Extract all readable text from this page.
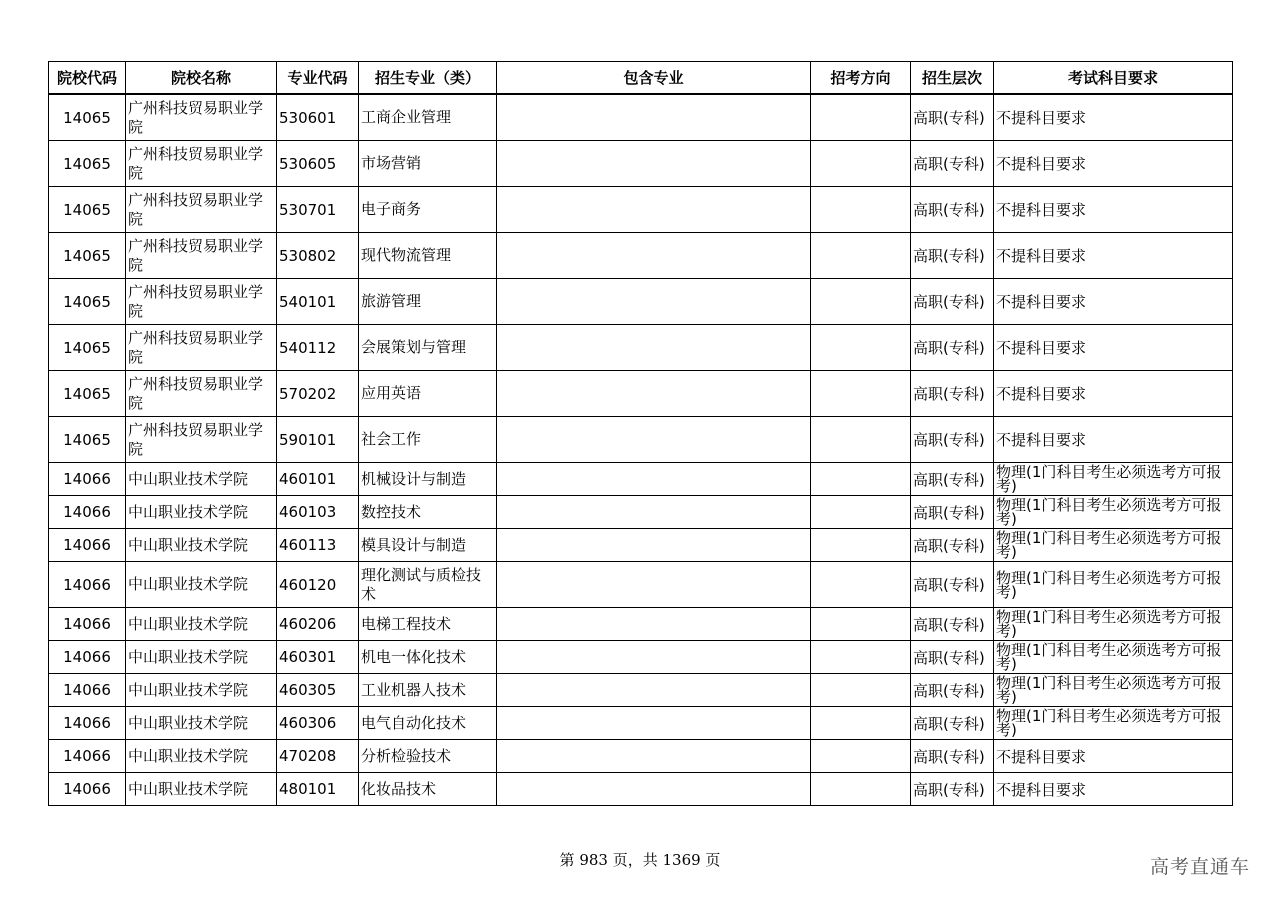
院校代码	院校名称	专业代码	招生专业（类）	包含专业	招考方向	招生层次	考试科目要求
14065	广州科技贸易职业学院	530601	工商企业管理			高职(专科)	不提科目要求
14065	广州科技贸易职业学院	530605	市场营销			高职(专科)	不提科目要求
14065	广州科技贸易职业学院	530701	电子商务			高职(专科)	不提科目要求
14065	广州科技贸易职业学院	530802	现代物流管理			高职(专科)	不提科目要求
14065	广州科技贸易职业学院	540101	旅游管理			高职(专科)	不提科目要求
14065	广州科技贸易职业学院	540112	会展策划与管理			高职(专科)	不提科目要求
14065	广州科技贸易职业学院	570202	应用英语			高职(专科)	不提科目要求
14065	广州科技贸易职业学院	590101	社会工作			高职(专科)	不提科目要求
14066	中山职业技术学院	460101	机械设计与制造			高职(专科)	物理(1门科目考生必须选考方可报考)
14066	中山职业技术学院	460103	数控技术			高职(专科)	物理(1门科目考生必须选考方可报考)
14066	中山职业技术学院	460113	模具设计与制造			高职(专科)	物理(1门科目考生必须选考方可报考)
14066	中山职业技术学院	460120	理化测试与质检技术			高职(专科)	物理(1门科目考生必须选考方可报考)
14066	中山职业技术学院	460206	电梯工程技术			高职(专科)	物理(1门科目考生必须选考方可报考)
14066	中山职业技术学院	460301	机电一体化技术			高职(专科)	物理(1门科目考生必须选考方可报考)
14066	中山职业技术学院	460305	工业机器人技术			高职(专科)	物理(1门科目考生必须选考方可报考)
14066	中山职业技术学院	460306	电气自动化技术			高职(专科)	物理(1门科目考生必须选考方可报考)
14066	中山职业技术学院	470208	分析检验技术			高职(专科)	不提科目要求
14066	中山职业技术学院	480101	化妆品技术			高职(专科)	不提科目要求
第 983 页，共 1369 页	高考直通车
